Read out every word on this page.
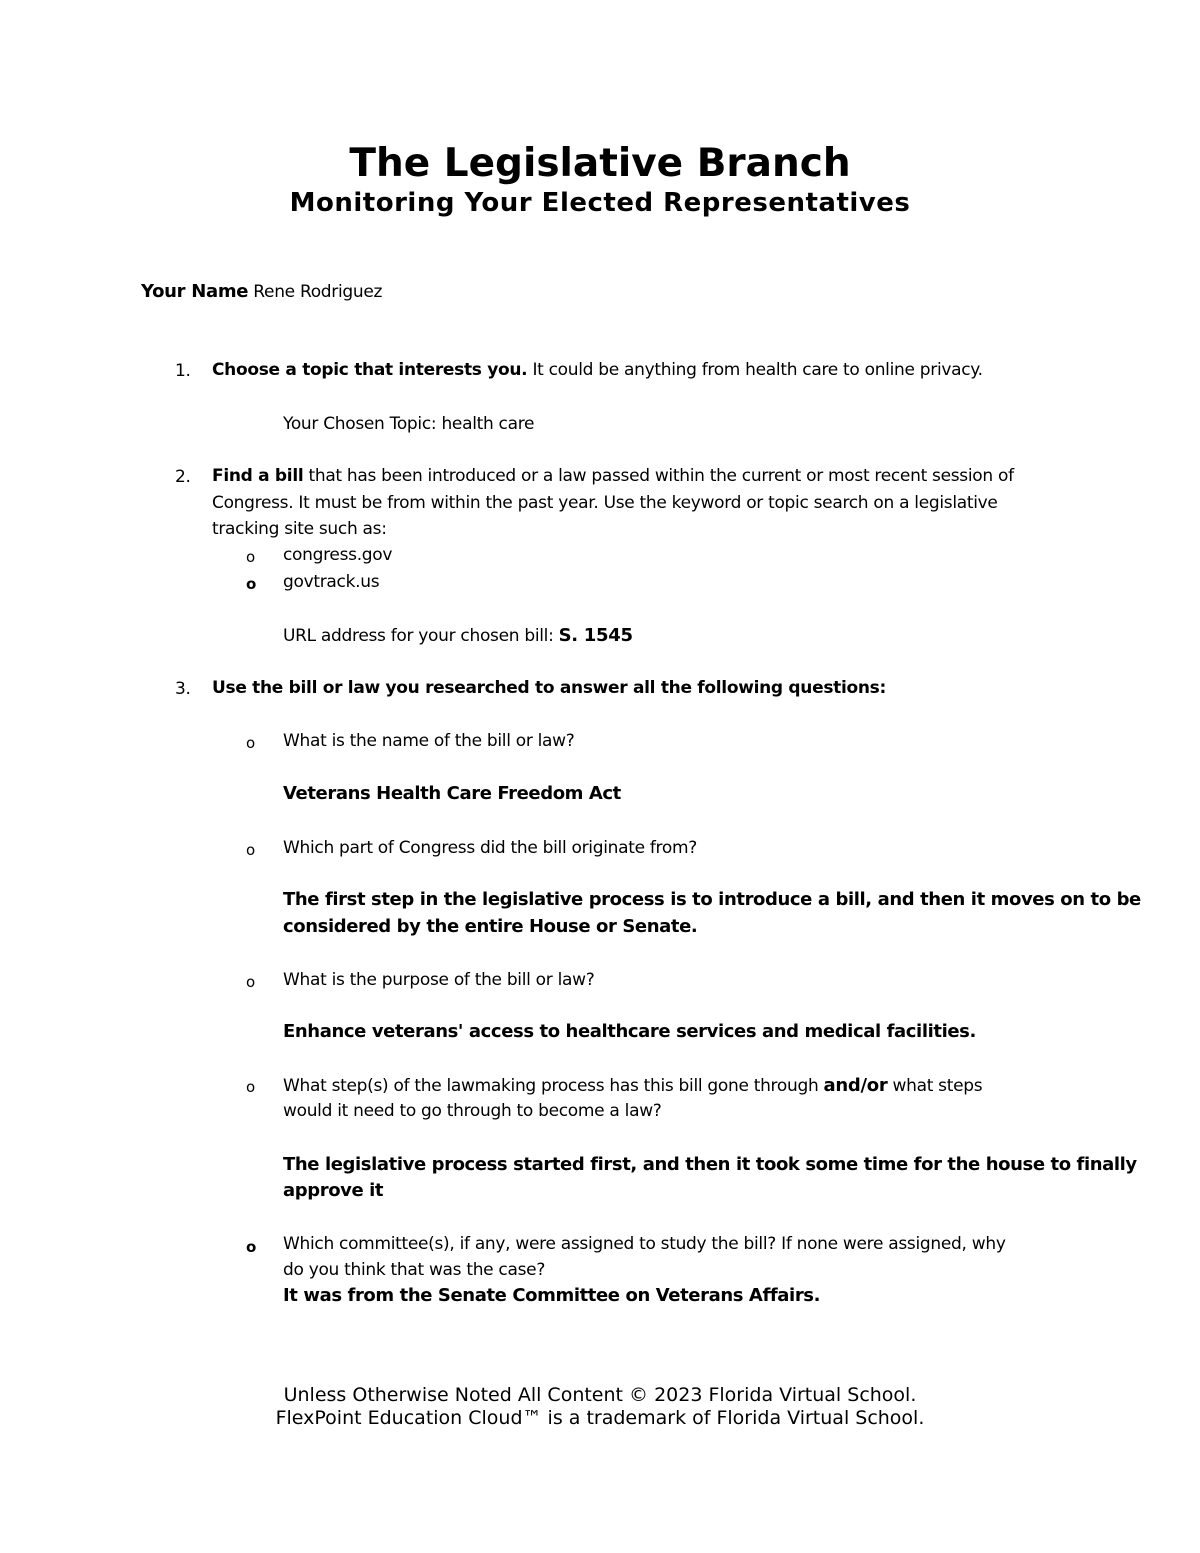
The Legislative Branch
Monitoring Your Elected Representatives
Your Name Rene Rodriguez
1. Choose a topic that interests you. It could be anything from health care to online privacy.
Your Chosen Topic: health care
2. Find a bill that has been introduced or a law passed within the current or most recent session of
Congress. It must be from within the past year. Use the keyword or topic search on a legislative
tracking site such as:
o congress.gov
o govtrack.us
URL address for your chosen bill: S. 1545
3. Use the bill or law you researched to answer all the following questions:
o What is the name of the bill or law?
Veterans Health Care Freedom Act
o Which part of Congress did the bill originate from?
The first step in the legislative process is to introduce a bill, and then it moves on to be
considered by the entire House or Senate.
o What is the purpose of the bill or law?
Enhance veterans' access to healthcare services and medical facilities.
o What step(s) of the lawmaking process has this bill gone through and/or what steps
would it need to go through to become a law?
The legislative process started first, and then it took some time for the house to finally
approve it
o Which committee(s), if any, were assigned to study the bill? If none were assigned, why
do you think that was the case?
It was from the Senate Committee on Veterans Affairs.
Unless Otherwise Noted All Content © 2023 Florida Virtual School.
FlexPoint Education Cloud™ is a trademark of Florida Virtual School.
